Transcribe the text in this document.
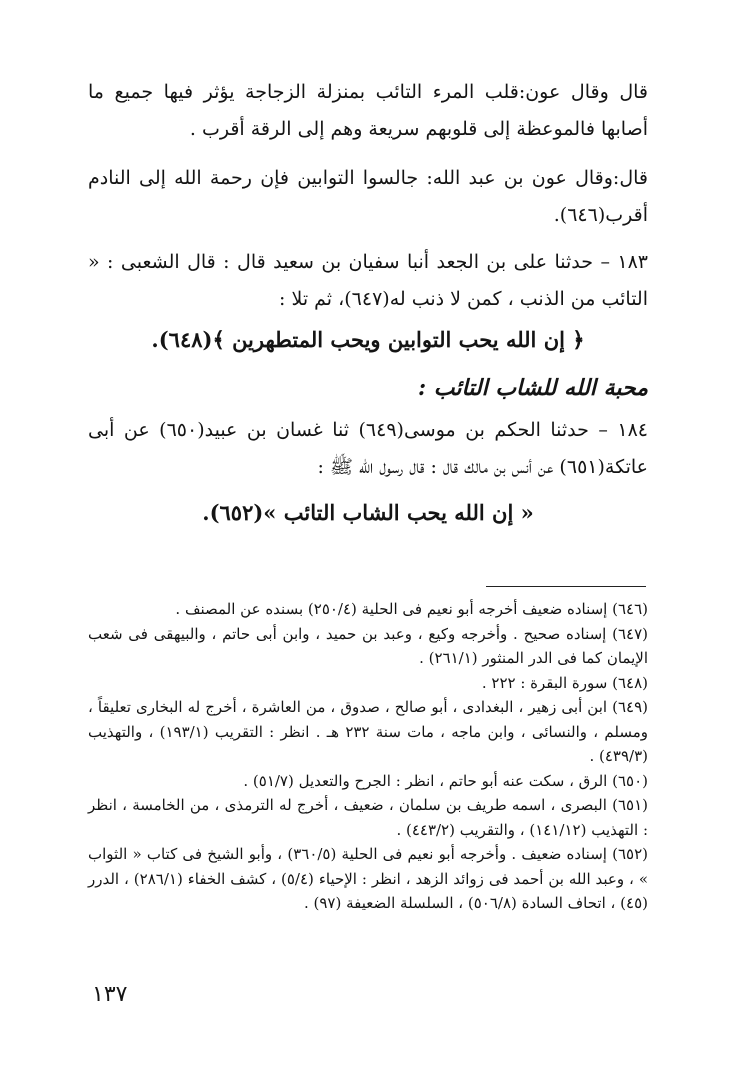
قال وقال عون:قلب المرء التائب بمنزلة الزجاجة يؤثر فيها جميع ما أصابها فالموعظة إلى قلوبهم سريعة وهم إلى الرقة أقرب .

قال:وقال عون بن عبد الله: جالسوا التوابين فإن رحمة الله إلى النادم أقرب(٦٤٦).

١٨٣ – حدثنا على بن الجعد أنبا سفيان بن سعيد قال : قال الشعبى : « التائب من الذنب ، كمن لا ذنب له(٦٤٧)، ثم تلا :

﴿ إن الله يحب التوابين ويحب المتطهرين ﴾(٦٤٨).

محبة الله للشاب التائب :

١٨٤ – حدثنا الحكم بن موسى(٦٤٩) ثنا غسان بن عبيد(٦٥٠) عن أبى عاتكة(٦٥١) عن أنس بن مالك قال : قال رسول الله ﷺ :

« إن الله يحب الشاب التائب »(٦٥٢).

(٦٤٦) إسناده ضعيف أخرجه أبو نعيم فى الحلية (٢٥٠/٤) بسنده عن المصنف .

(٦٤٧) إسناده صحيح . وأخرجه وكيع ، وعبد بن حميد ، وابن أبى حاتم ، والبيهقى فى شعب الإيمان كما فى الدر المنثور (٢٦١/١) .

(٦٤٨) سورة البقرة : ٢٢٢ .

(٦٤٩) ابن أبى زهير ، البغدادى ، أبو صالح ، صدوق ، من العاشرة ، أخرج له البخارى تعليقاً ، ومسلم ، والنسائى ، وابن ماجه ، مات سنة ٢٣٢ هـ . انظر : التقريب (١٩٣/١) ، والتهذيب (٤٣٩/٣) .

(٦٥٠) الرق ، سكت عنه أبو حاتم ، انظر : الجرح والتعديل (٥١/٧) .

(٦٥١) البصرى ، اسمه طريف بن سلمان ، ضعيف ، أخرج له الترمذى ، من الخامسة ، انظر : التهذيب (١٤١/١٢) ، والتقريب (٤٤٣/٢) .

(٦٥٢) إسناده ضعيف . وأخرجه أبو نعيم فى الحلية (٣٦٠/٥) ، وأبو الشيخ فى كتاب « الثواب » ، وعبد الله بن أحمد فى زوائد الزهد ، انظر : الإحياء (٥/٤) ، كشف الخفاء (٢٨٦/١) ، الدرر (٤٥) ، اتحاف السادة (٥٠٦/٨) ، السلسلة الضعيفة (٩٧) .

١٣٧
